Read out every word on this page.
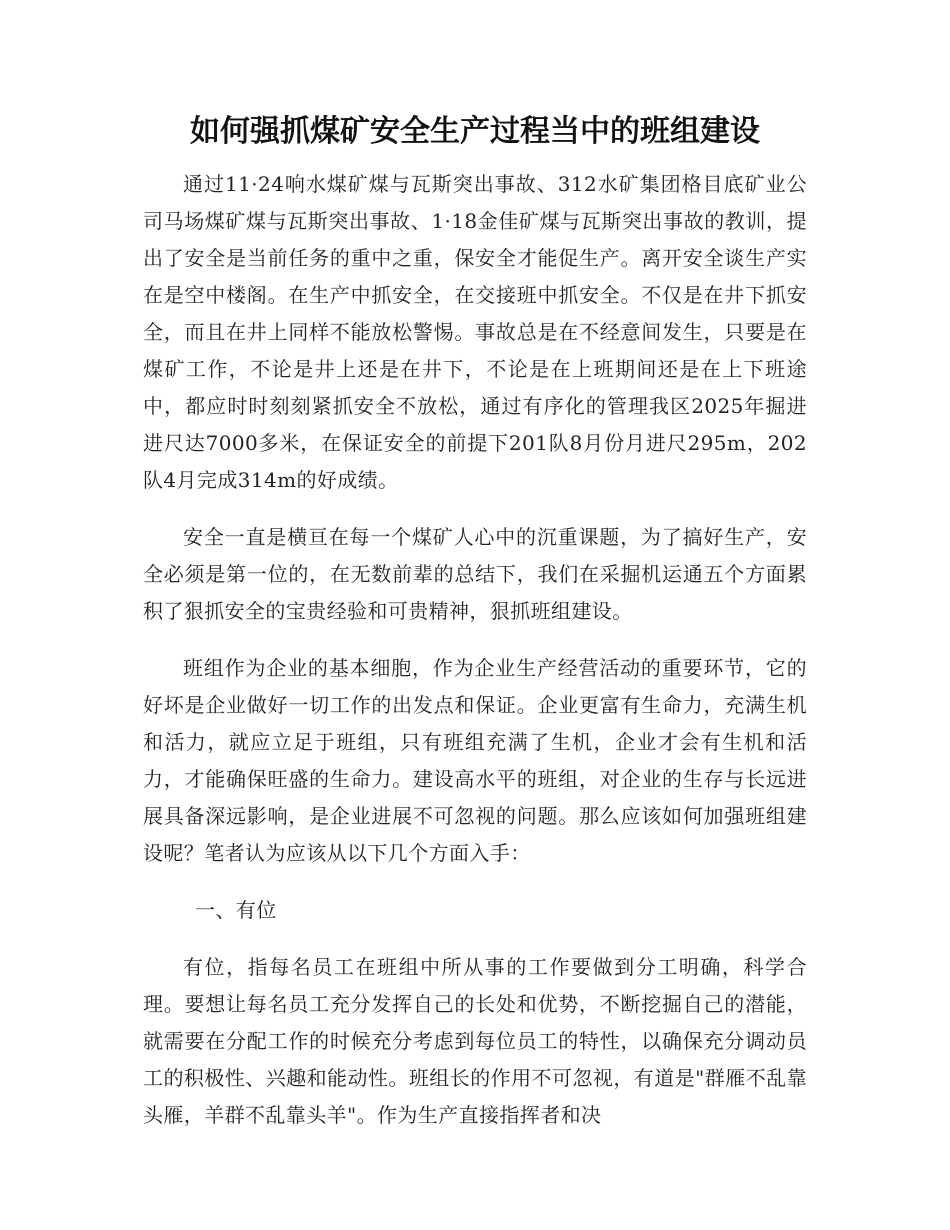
如何强抓煤矿安全生产过程当中的班组建设

通过11·24响水煤矿煤与瓦斯突出事故、312水矿集团格目底矿业公司马场煤矿煤与瓦斯突出事故、1·18金佳矿煤与瓦斯突出事故的教训，提出了安全是当前任务的重中之重，保安全才能促生产。离开安全谈生产实在是空中楼阁。在生产中抓安全，在交接班中抓安全。不仅是在井下抓安全，而且在井上同样不能放松警惕。事故总是在不经意间发生，只要是在煤矿工作，不论是井上还是在井下，不论是在上班期间还是在上下班途中，都应时时刻刻紧抓安全不放松，通过有序化的管理我区2025年掘进进尺达7000多米，在保证安全的前提下201队8月份月进尺295m，202队4月完成314m的好成绩。

安全一直是横亘在每一个煤矿人心中的沉重课题，为了搞好生产，安全必须是第一位的，在无数前辈的总结下，我们在采掘机运通五个方面累积了狠抓安全的宝贵经验和可贵精神，狠抓班组建设。

班组作为企业的基本细胞，作为企业生产经营活动的重要环节，它的好坏是企业做好一切工作的出发点和保证。企业更富有生命力，充满生机和活力，就应立足于班组，只有班组充满了生机，企业才会有生机和活力，才能确保旺盛的生命力。建设高水平的班组，对企业的生存与长远进展具备深远影响，是企业进展不可忽视的问题。那么应该如何加强班组建设呢？笔者认为应该从以下几个方面入手：

一、有位

有位，指每名员工在班组中所从事的工作要做到分工明确，科学合理。要想让每名员工充分发挥自己的长处和优势，不断挖掘自己的潜能，就需要在分配工作的时候充分考虑到每位员工的特性，以确保充分调动员工的积极性、兴趣和能动性。班组长的作用不可忽视，有道是"群雁不乱靠头雁，羊群不乱靠头羊"。作为生产直接指挥者和决
